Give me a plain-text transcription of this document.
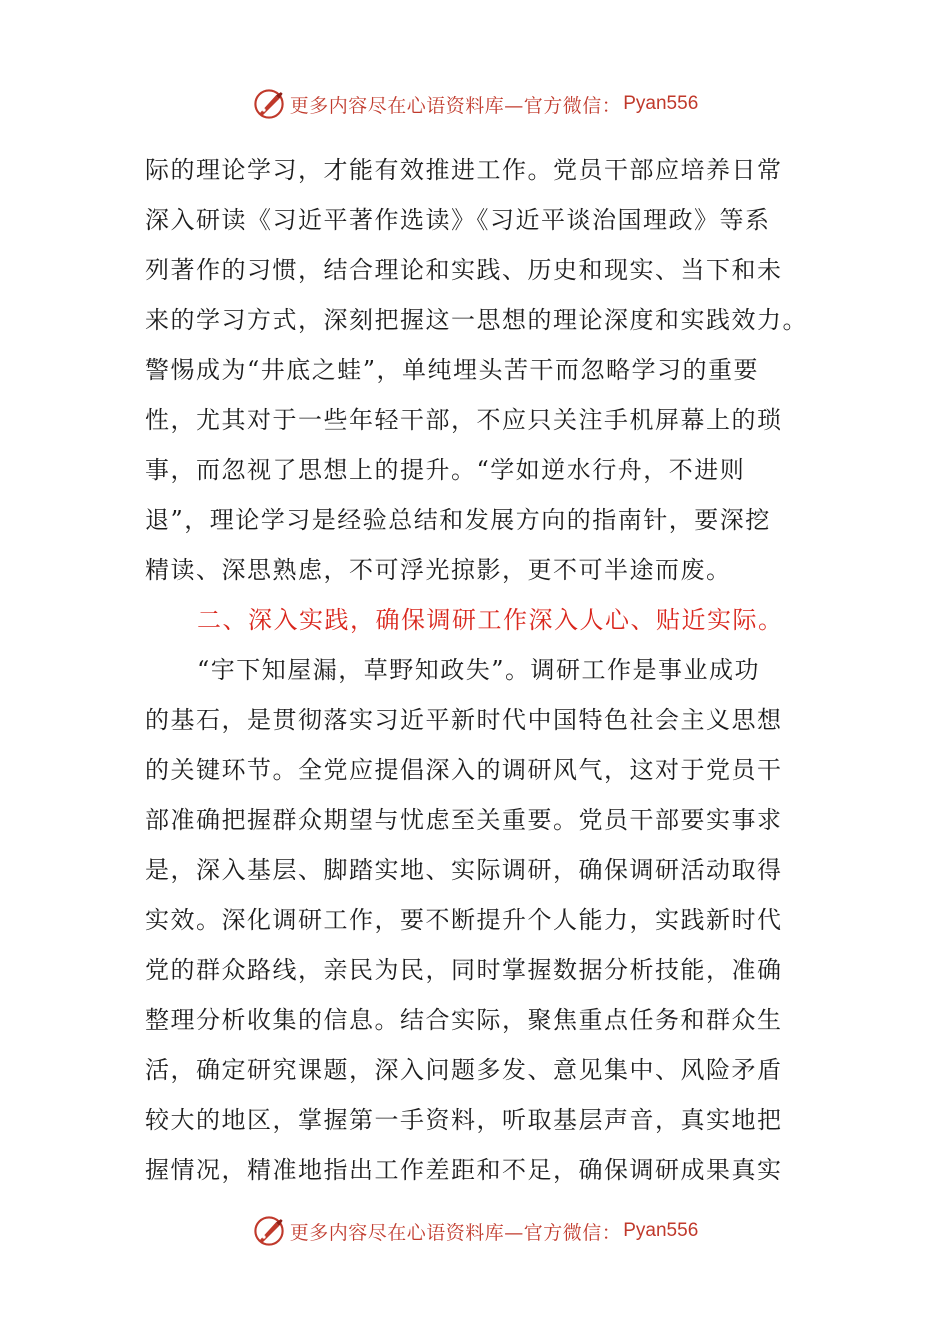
更多内容尽在心语资料库—官方微信： Pyan556
际的理论学习，才能有效推进工作。党员干部应培养日常
深入研读《习近平著作选读》《习近平谈治国理政》等系
列著作的习惯，结合理论和实践、历史和现实、当下和未
来的学习方式，深刻把握这一思想的理论深度和实践效力。
警惕成为“井底之蛙”，单纯埋头苦干而忽略学习的重要
性，尤其对于一些年轻干部，不应只关注手机屏幕上的琐
事，而忽视了思想上的提升。“学如逆水行舟，不进则
退”，理论学习是经验总结和发展方向的指南针，要深挖
精读、深思熟虑，不可浮光掠影，更不可半途而废。
二、深入实践，确保调研工作深入人心、贴近实际。
“宇下知屋漏，草野知政失”。调研工作是事业成功
的基石，是贯彻落实习近平新时代中国特色社会主义思想
的关键环节。全党应提倡深入的调研风气，这对于党员干
部准确把握群众期望与忧虑至关重要。党员干部要实事求
是，深入基层、脚踏实地、实际调研，确保调研活动取得
实效。深化调研工作，要不断提升个人能力，实践新时代
党的群众路线，亲民为民，同时掌握数据分析技能，准确
整理分析收集的信息。结合实际，聚焦重点任务和群众生
活，确定研究课题，深入问题多发、意见集中、风险矛盾
较大的地区，掌握第一手资料，听取基层声音，真实地把
握情况，精准地指出工作差距和不足，确保调研成果真实
更多内容尽在心语资料库—官方微信： Pyan556
